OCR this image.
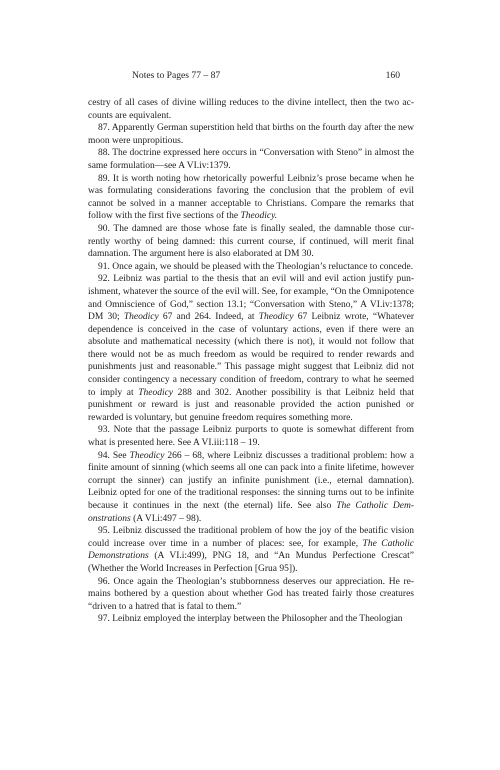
Notes to Pages 77 – 87	160

cestry of all cases of divine willing reduces to the divine intellect, then the two accounts are equivalent.

87. Apparently German superstition held that births on the fourth day after the new moon were unpropitious.

88. The doctrine expressed here occurs in “Conversation with Steno” in almost the same formulation—see A VI.iv:1379.

89. It is worth noting how rhetorically powerful Leibniz’s prose became when he was formulating considerations favoring the conclusion that the problem of evil cannot be solved in a manner acceptable to Christians. Compare the remarks that follow with the first five sections of the Theodicy.

90. The damned are those whose fate is finally sealed, the damnable those currently worthy of being damned: this current course, if continued, will merit final damnation. The argument here is also elaborated at DM 30.

91. Once again, we should be pleased with the Theologian’s reluctance to concede.

92. Leibniz was partial to the thesis that an evil will and evil action justify punishment, whatever the source of the evil will. See, for example, “On the Omnipotence and Omniscience of God,” section 13.1; “Conversation with Steno,” A VI.iv:1378; DM 30; Theodicy 67 and 264. Indeed, at Theodicy 67 Leibniz wrote, “Whatever dependence is conceived in the case of voluntary actions, even if there were an absolute and mathematical necessity (which there is not), it would not follow that there would not be as much freedom as would be required to render rewards and punishments just and reasonable.” This passage might suggest that Leibniz did not consider contingency a necessary condition of freedom, contrary to what he seemed to imply at Theodicy 288 and 302. Another possibility is that Leibniz held that punishment or reward is just and reasonable provided the action punished or rewarded is voluntary, but genuine freedom requires something more.

93. Note that the passage Leibniz purports to quote is somewhat different from what is presented here. See A VI.iii:118 – 19.

94. See Theodicy 266 – 68, where Leibniz discusses a traditional problem: how a finite amount of sinning (which seems all one can pack into a finite lifetime, however corrupt the sinner) can justify an infinite punishment (i.e., eternal damnation). Leibniz opted for one of the traditional responses: the sinning turns out to be infinite because it continues in the next (the eternal) life. See also The Catholic Demonstrations (A VI.i:497 – 98).

95. Leibniz discussed the traditional problem of how the joy of the beatific vision could increase over time in a number of places: see, for example, The Catholic Demonstrations (A VI.i:499), PNG 18, and “An Mundus Perfectione Crescat” (Whether the World Increases in Perfection [Grua 95]).

96. Once again the Theologian’s stubbornness deserves our appreciation. He remains bothered by a question about whether God has treated fairly those creatures “driven to a hatred that is fatal to them.”

97. Leibniz employed the interplay between the Philosopher and the Theologian
